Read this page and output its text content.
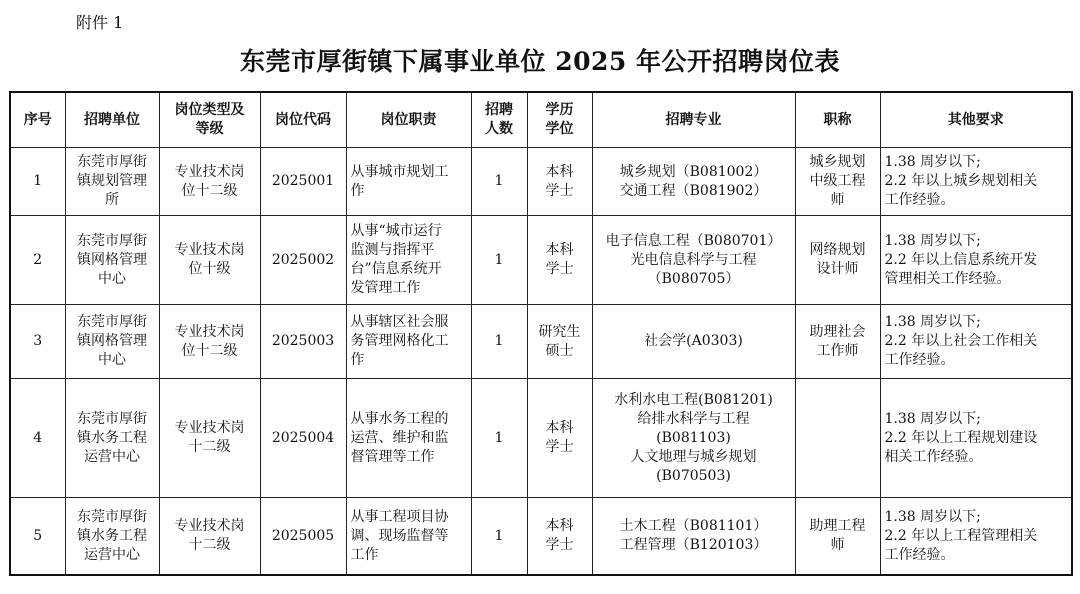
附件 1
东莞市厚街镇下属事业单位 2025 年公开招聘岗位表
序号	招聘单位	岗位类型及
等级	岗位代码	岗位职责	招聘
人数	学历
学位	招聘专业	职称	其他要求
1	东莞市厚街
镇规划管理
所	专业技术岗
位十二级	2025001	从事城市规划工
作	1	本科
学士	城乡规划（B081002）
交通工程（B081902）	城乡规划
中级工程
师	1.38 周岁以下;
2.2 年以上城乡规划相关
工作经验。

2	东莞市厚街
镇网格管理
中心	专业技术岗
位十级	2025002	从事“城市运行
监测与指挥平
台”信息系统开
发管理工作	1	本科
学士	电子信息工程（B080701）
光电信息科学与工程
（B080705）	网络规划
设计师	1.38 周岁以下;
2.2 年以上信息系统开发
管理相关工作经验。

3	东莞市厚街
镇网格管理
中心	专业技术岗
位十二级	2025003	从事辖区社会服
务管理网格化工
作	1	研究生
硕士	社会学(A0303)	助理社会
工作师	1.38 周岁以下;
2.2 年以上社会工作相关
工作经验。

4	东莞市厚街
镇水务工程
运营中心	专业技术岗
十二级	2025004	从事水务工程的
运营、维护和监
督管理等工作	1	本科
学士	水利水电工程(B081201)
给排水科学与工程
(B081103)
人文地理与城乡规划
(B070503)		1.38 周岁以下;
2.2 年以上工程规划建设
相关工作经验。

5	东莞市厚街
镇水务工程
运营中心	专业技术岗
十二级	2025005	从事工程项目协
调、现场监督等
工作	1	本科
学士	土木工程（B081101）
工程管理（B120103）	助理工程
师	1.38 周岁以下;
2.2 年以上工程管理相关
工作经验。
